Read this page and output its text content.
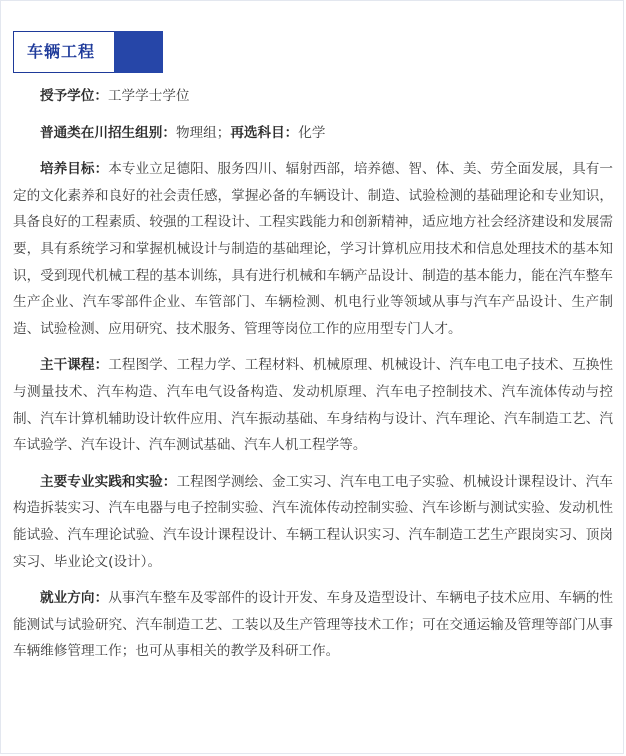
车辆工程

授予学位：工学学士学位

普通类在川招生组别：物理组；再选科目：化学

培养目标：本专业立足德阳、服务四川、辐射西部，培养德、智、体、美、劳全面发展，具有一定的文化素养和良好的社会责任感，掌握必备的车辆设计、制造、试验检测的基础理论和专业知识，具备良好的工程素质、较强的工程设计、工程实践能力和创新精神，适应地方社会经济建设和发展需要，具有系统学习和掌握机械设计与制造的基础理论，学习计算机应用技术和信息处理技术的基本知识，受到现代机械工程的基本训练，具有进行机械和车辆产品设计、制造的基本能力，能在汽车整车生产企业、汽车零部件企业、车管部门、车辆检测、机电行业等领域从事与汽车产品设计、生产制造、试验检测、应用研究、技术服务、管理等岗位工作的应用型专门人才。

主干课程：工程图学、工程力学、工程材料、机械原理、机械设计、汽车电工电子技术、互换性与测量技术、汽车构造、汽车电气设备构造、发动机原理、汽车电子控制技术、汽车流体传动与控制、汽车计算机辅助设计软件应用、汽车振动基础、车身结构与设计、汽车理论、汽车制造工艺、汽车试验学、汽车设计、汽车测试基础、汽车人机工程学等。

主要专业实践和实验：工程图学测绘、金工实习、汽车电工电子实验、机械设计课程设计、汽车构造拆装实习、汽车电器与电子控制实验、汽车流体传动控制实验、汽车诊断与测试实验、发动机性能试验、汽车理论试验、汽车设计课程设计、车辆工程认识实习、汽车制造工艺生产跟岗实习、顶岗实习、毕业论文(设计）。

就业方向：从事汽车整车及零部件的设计开发、车身及造型设计、车辆电子技术应用、车辆的性能测试与试验研究、汽车制造工艺、工装以及生产管理等技术工作；可在交通运输及管理等部门从事车辆维修管理工作；也可从事相关的教学及科研工作。
